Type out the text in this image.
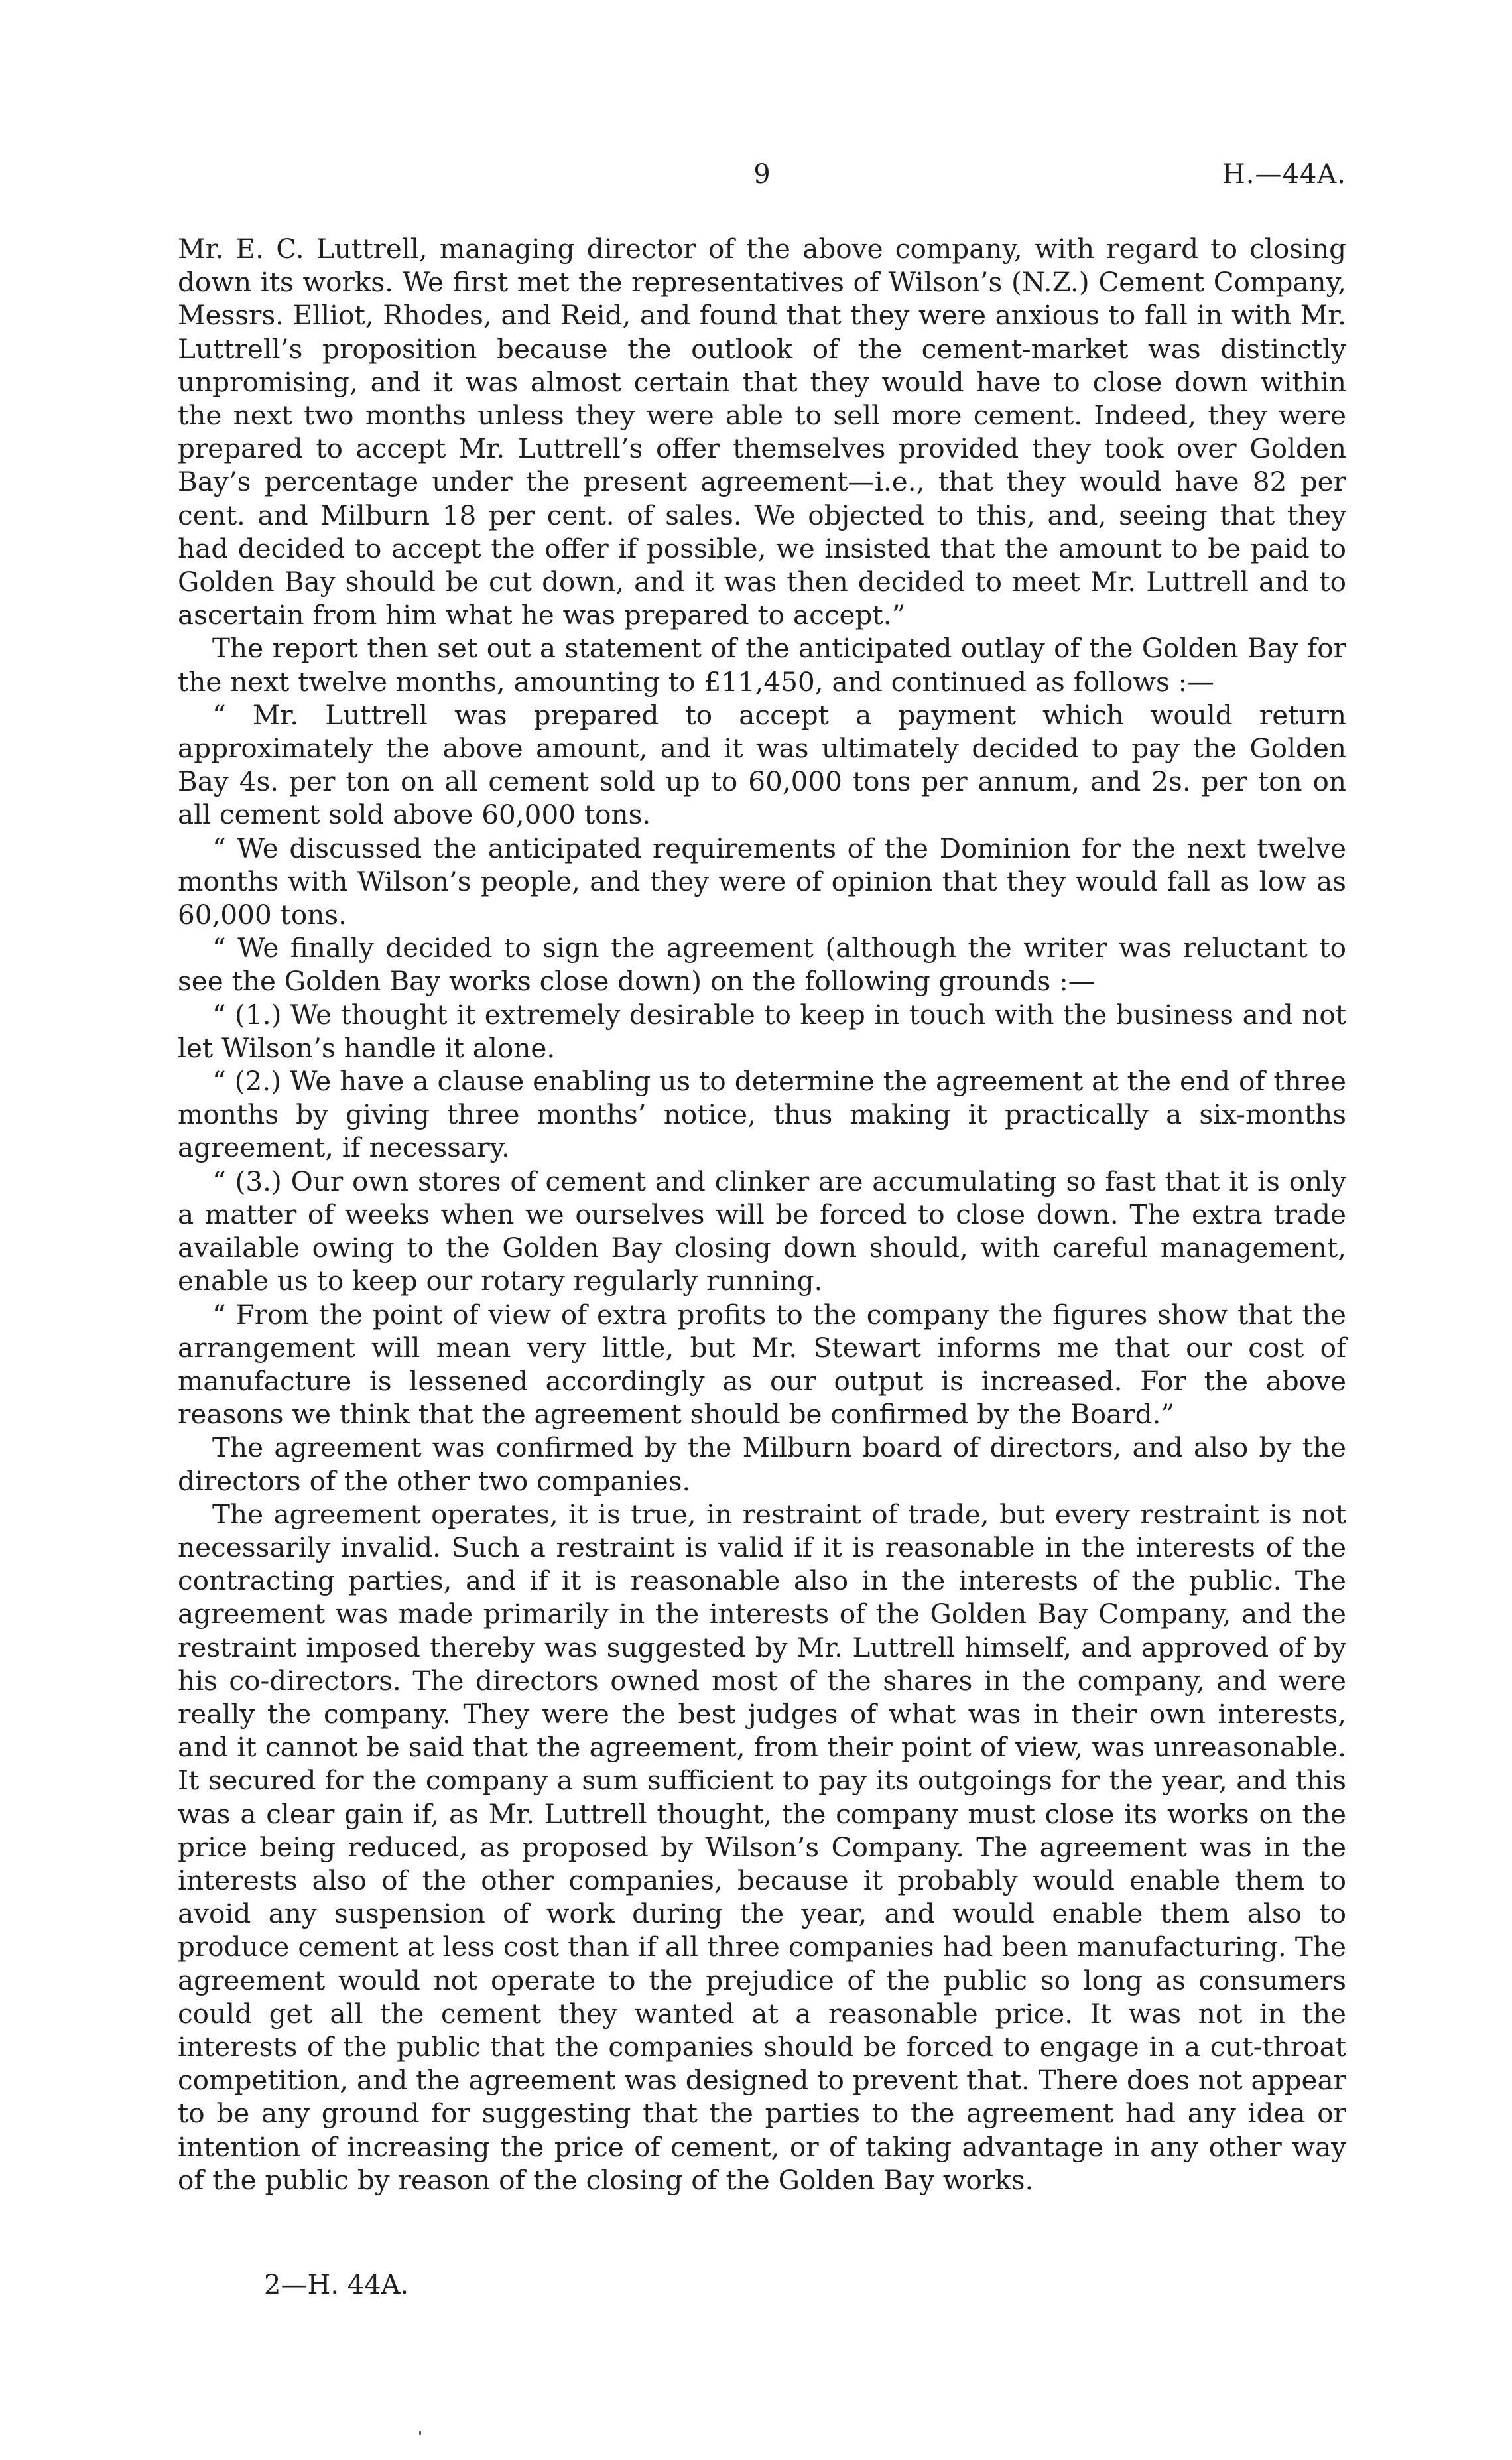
9	H.—44A.

Mr. E. C. Luttrell, managing director of the above company, with regard to closing down its works. We first met the representatives of Wilson’s (N.Z.) Cement Company, Messrs. Elliot, Rhodes, and Reid, and found that they were anxious to fall in with Mr. Luttrell’s proposition because the outlook of the cement-market was distinctly unpromising, and it was almost certain that they would have to close down within the next two months unless they were able to sell more cement. Indeed, they were prepared to accept Mr. Luttrell’s offer themselves provided they took over Golden Bay’s percentage under the present agreement—i.e., that they would have 82 per cent. and Milburn 18 per cent. of sales. We objected to this, and, seeing that they had decided to accept the offer if possible, we insisted that the amount to be paid to Golden Bay should be cut down, and it was then decided to meet Mr. Luttrell and to ascertain from him what he was prepared to accept.”

The report then set out a statement of the anticipated outlay of the Golden Bay for the next twelve months, amounting to £11,450, and continued as follows :—

“ Mr. Luttrell was prepared to accept a payment which would return approximately the above amount, and it was ultimately decided to pay the Golden Bay 4s. per ton on all cement sold up to 60,000 tons per annum, and 2s. per ton on all cement sold above 60,000 tons.

“ We discussed the anticipated requirements of the Dominion for the next twelve months with Wilson’s people, and they were of opinion that they would fall as low as 60,000 tons.

“ We finally decided to sign the agreement (although the writer was reluctant to see the Golden Bay works close down) on the following grounds :—

“ (1.) We thought it extremely desirable to keep in touch with the business and not let Wilson’s handle it alone.

“ (2.) We have a clause enabling us to determine the agreement at the end of three months by giving three months’ notice, thus making it practically a six-months agreement, if necessary.

“ (3.) Our own stores of cement and clinker are accumulating so fast that it is only a matter of weeks when we ourselves will be forced to close down. The extra trade available owing to the Golden Bay closing down should, with careful management, enable us to keep our rotary regularly running.

“ From the point of view of extra profits to the company the figures show that the arrangement will mean very little, but Mr. Stewart informs me that our cost of manufacture is lessened accordingly as our output is increased. For the above reasons we think that the agreement should be confirmed by the Board.”

The agreement was confirmed by the Milburn board of directors, and also by the directors of the other two companies.

The agreement operates, it is true, in restraint of trade, but every restraint is not necessarily invalid. Such a restraint is valid if it is reasonable in the interests of the contracting parties, and if it is reasonable also in the interests of the public. The agreement was made primarily in the interests of the Golden Bay Company, and the restraint imposed thereby was suggested by Mr. Luttrell himself, and approved of by his co-directors. The directors owned most of the shares in the company, and were really the company. They were the best judges of what was in their own interests, and it cannot be said that the agreement, from their point of view, was unreasonable. It secured for the company a sum sufficient to pay its outgoings for the year, and this was a clear gain if, as Mr. Luttrell thought, the company must close its works on the price being reduced, as proposed by Wilson’s Company. The agreement was in the interests also of the other companies, because it probably would enable them to avoid any suspension of work during the year, and would enable them also to produce cement at less cost than if all three companies had been manufacturing. The agreement would not operate to the prejudice of the public so long as consumers could get all the cement they wanted at a reasonable price. It was not in the interests of the public that the companies should be forced to engage in a cut-throat competition, and the agreement was designed to prevent that. There does not appear to be any ground for suggesting that the parties to the agreement had any idea or intention of increasing the price of cement, or of taking advantage in any other way of the public by reason of the closing of the Golden Bay works.

2—H. 44A.
